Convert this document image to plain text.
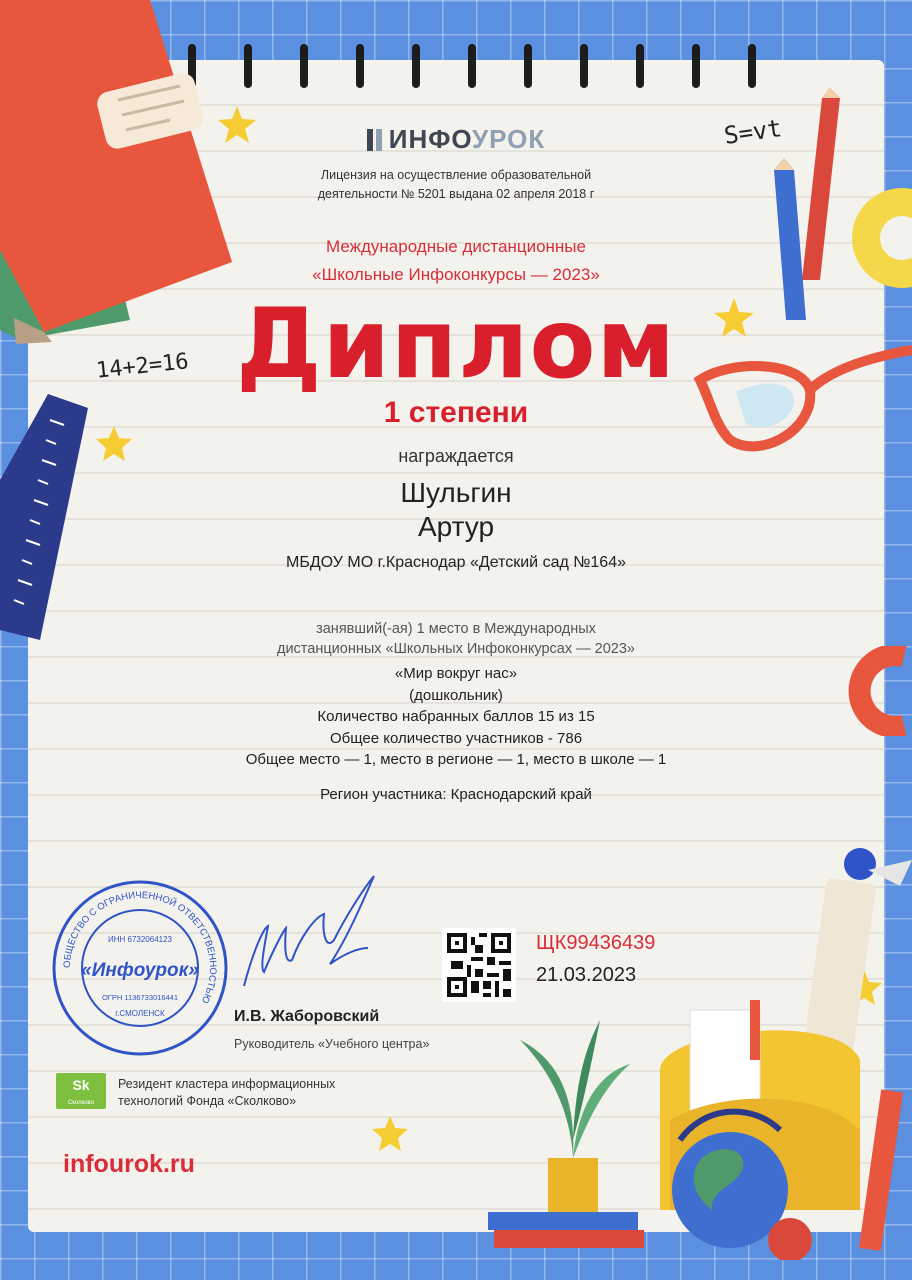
S=vt
14+2=16
ИНФОУРОК
Лицензия на осуществление образовательной
деятельности № 5201 выдана 02 апреля 2018 г
Международные дистанционные
«Школьные Инфоконкурсы — 2023»
Диплом
1 степени
награждается
Шульгин
Артур
МБДОУ МО г.Краснодар «Детский сад №164»
занявший(-ая) 1 место в Международных
дистанционных «Школьных Инфоконкурсах — 2023»
«Мир вокруг нас»
(дошкольник)
Количество набранных баллов 15 из 15
Общее количество участников - 786
Общее место — 1, место в регионе — 1, место в школе — 1
Регион участника: Краснодарский край
ОБЩЕСТВО С ОГРАНИЧЕННОЙ ОТВЕТСТВЕННОСТЬЮ
ИНН 6732064123
«Инфоурок»
ОГРН 1136733016441
г.СМОЛЕНСК	И.В. Жаборовский
Руководитель «Учебного центра»
ЩК99436439
21.03.2023
Sk
Сколково
Резидент кластера информационных
технологий Фонда «Сколково»
infourok.ru
